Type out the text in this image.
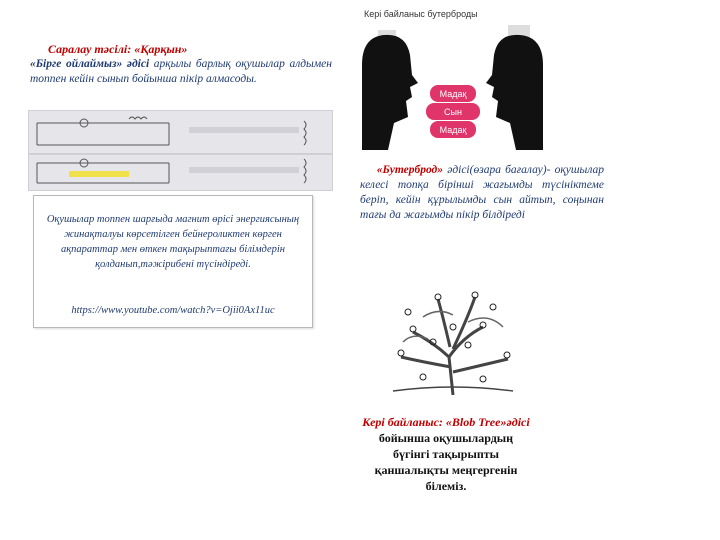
Саралау тәсілі: «Қарқын»
«Бірге ойлаймыз» әдісі арқылы барлық оқушылар алдымен топпен кейін сынып бойынша пікір алмасоды.
Оқушылар топпен шарғыда магнит өрісі энергиясының жинақталуы көрсетілген бейнероликтен көрген ақпараттар мен өткен тақырыптағы білімдерін қолданып,тәжірибені түсіндіреді.
https://www.youtube.com/watch?v=Ojii0Ax11uc
Кері байланыс бутерброды
Мадақ
Сын
Мадақ
«Бутерброд» әдісі(өзара бағалау)- оқушылар келесі топқа бірінші жағымды түсініктеме беріп, кейін құрылымды сын айтып, соңынан тағы да жағымды пікір білдіреді
Кері байланыс: «Blob Tree»әдісі бойынша оқушылардың бүгінгі тақырыпты қаншалықты меңгергенін білеміз.
